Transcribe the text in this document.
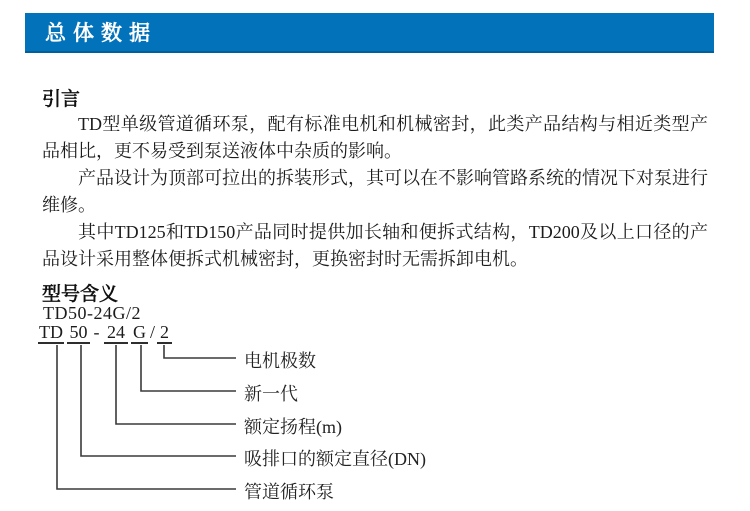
总体数据
引言

TD型单级管道循环泵，配有标准电机和机械密封，此类产品结构与相近类型产品相比，更不易受到泵送液体中杂质的影响。

产品设计为顶部可拉出的拆装形式，其可以在不影响管路系统的情况下对泵进行维修。

其中TD125和TD150产品同时提供加长轴和便拆式结构，TD200及以上口径的产品设计采用整体便拆式机械密封，更换密封时无需拆卸电机。

型号含义
TD50-24G/2
TD 50 - 24 G / 2
电机极数
新一代
额定扬程(m)
吸排口的额定直径(DN)
管道循环泵
